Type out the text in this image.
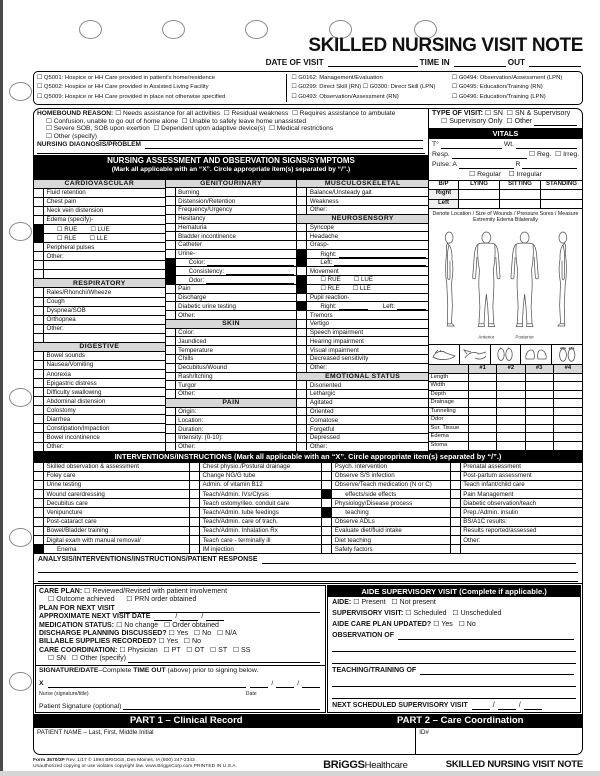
SKILLED NURSING VISIT NOTE
DATE OF VISIT	TIME IN	OUT
☐ Q5001: Hospice or HH Care provided in patient's home/residence
☐ Q5002: Hospice or HH Care provided in Assisted Living Facility
☐ Q5009: Hospice or HH Care provided in place not otherwise specified
☐ G0162: Management/Evaluation
☐ G0299: Direct Skill (RN) ☐ G0300: Direct Skill (LPN)
☐ G0493: Observation/Assessment (RN)
☐ G0494: Observation/Assessment (LPN)
☐ G0495: Education/Training (RN)
☐ G0496: Education/Training (LPN)
HOMEBOUND REASON: ☐ Needs assistance for all activities  ☐ Residual weakness  ☐ Requires assistance to ambulate
☐ Confusion, unable to go out of home alone  ☐ Unable to safely leave home unassisted
☐ Severe SOB, SOB upon exertion  ☐ Dependent upon adaptive device(s)  ☐ Medical restrictions
☐ Other (specify)
NURSING DIAGNOSIS/PROBLEM
NURSING ASSESSMENT AND OBSERVATION SIGNS/SYMPTOMS
(Mark all applicable with an “X”. Circle appropriate item(s) separated by “/”.)
CARDIOVASCULAR
Fluid retention
Chest pain
Neck vein distension
Edema (specify)-
☐ RUE ☐ LUE
☐ RLE ☐ LLE
Peripheral pulses
Other:
RESPIRATORY
Rales/Rhonchi/Wheeze
Cough
Dyspnea/SOB
Orthopnea
Other:
DIGESTIVE
Bowel sounds
Nausea/Vomiting
Anorexia
Epigastric distress
Difficulty swallowing
Abdominal distension
Colostomy
Diarrhea
Constipation/Impaction
Bowel incontinence
Other:
GENITOURINARY
Burning
Distension/Retention
Frequency/Urgency
Hesitancy
Hematuria
Bladder incontinence
Catheter
Urine-
Color:
Consistency:
Odor:
Pain
Discharge
Diabetic urine testing
Other:
SKIN
Color:
Jaundiced
Temperature
Chills
Decubitus/Wound
Rash/Itching
Turgor
Other:
PAIN
Origin:
Location:
Duration:
Intensity: (0-10):
Other:
MUSCULOSKELETAL
Balance/Unsteady gait
Weakness
Other:
NEUROSENSORY
Syncope
Headache
Grasp-
Right:
Left:
Movement
☐ RUE ☐ LUE
☐ RLE ☐ LLE
Pupil reaction-
Right:	Left:
Tremors
Vertigo
Speech impairment
Hearing impairment
Visual impairment
Decreased sensitivity
Other:
EMOTIONAL STATUS
Disoriented
Lethargic
Agitated
Oriented
Comatose
Forgetful
Depressed
Other:
TYPE OF VISIT: ☐ SN  ☐ SN & Supervisory
☐ Supervisory Only  ☐ Other
VITALS
T°	Wt.
Resp.	☐ Reg.  ☐ Irreg.
Pulse: A	R
☐ Regular    ☐ Irregular
B/P	LYING	SITTING	STANDING
Right
Left
Denote Location / Size of Wounds / Pressure Sores / Measure Extremity Edema Bilaterally
Anterior	Posterior
#1	#2	#3	#4
Length
Width
Depth
Drainage
Tunneling
Odor
Sur. Tissue
Edema
Stoma
INTERVENTIONS/INSTRUCTIONS (Mark all applicable with an “X”. Circle appropriate item(s) separated by “/”.)
Skilled observation & assessment
Foley care
Urine testing
Wound care/dressing
Decubitus care
Venipuncture
Post-cataract care
Bowel/Bladder training
Digital exam with manual removal/
Enema
Chest physio./Postural drainage
Change NG/G tube
Admin. of vitamin B12
Teach/Admin. IVs/Clysis
Teach ostomy/ileo. conduit care
Teach/Admin. tube feedings
Teach/Admin. care of trach.
Teach/Admin. Inhalation Rx
Teach care - terminally ill
IM injection
Psych. intervention
Observe S/S infection
Observe/Teach medication (N or C)
effects/side effects
Physiology/Disease process
teaching
Observe ADLs
Evaluate diet/fluid intake
Diet teaching
Safety factors
Prenatal assessment
Post-partum assessment
Teach infant/child care
Pain Management
Diabetic observation/teach
Prep./Admin. insulin
BS/A1C results:
Results reported/assessed
Other:
ANALYSIS/INTERVENTIONS/INSTRUCTIONS/PATIENT RESPONSE
CARE PLAN: ☐ Reviewed/Revised with patient involvement
☐ Outcome achieved      ☐ PRN order obtained
PLAN FOR NEXT VISIT
APPROXIMATE NEXT VISIT DATE	/	/
MEDICATION STATUS: ☐ No change   ☐ Order obtained
DISCHARGE PLANNING DISCUSSED? ☐ Yes   ☐ No   ☐ N/A
BILLABLE SUPPLIES RECORDED? ☐ Yes   ☐ No
CARE COORDINATION: ☐ Physician   ☐ PT   ☐ OT   ☐ ST   ☐ SS
☐ SN   ☐ Other (specify)
SIGNATURE/DATE –Complete TIME OUT (above) prior to signing below.
X	/	/
Nurse (signature/title)	Date
Patient Signature (optional)
AIDE SUPERVISORY VISIT (Complete if applicable.)
AIDE: ☐ Present   ☐ Not present
SUPERVISORY VISIT: ☐ Scheduled   ☐ Unscheduled
AIDE CARE PLAN UPDATED? ☐ Yes   ☐ No
OBSERVATION OF
TEACHING/TRAINING OF
NEXT SCHEDULED SUPERVISORY VISIT	/	/
PART 1 – Clinical Record	PART 2 – Care Coordination
PATIENT NAME – Last, First, Middle Initial	ID#
Form 3570/2P Rev. 1/17 © 1994 BRIGGS, Des Moines, IA (800) 247-2343
Unauthorized copying or use violates copyright law. www.BriggsCorp.com PRINTED IN U.S.A.	BRiGGSHealthcare	SKILLED NURSING VISIT NOTE
